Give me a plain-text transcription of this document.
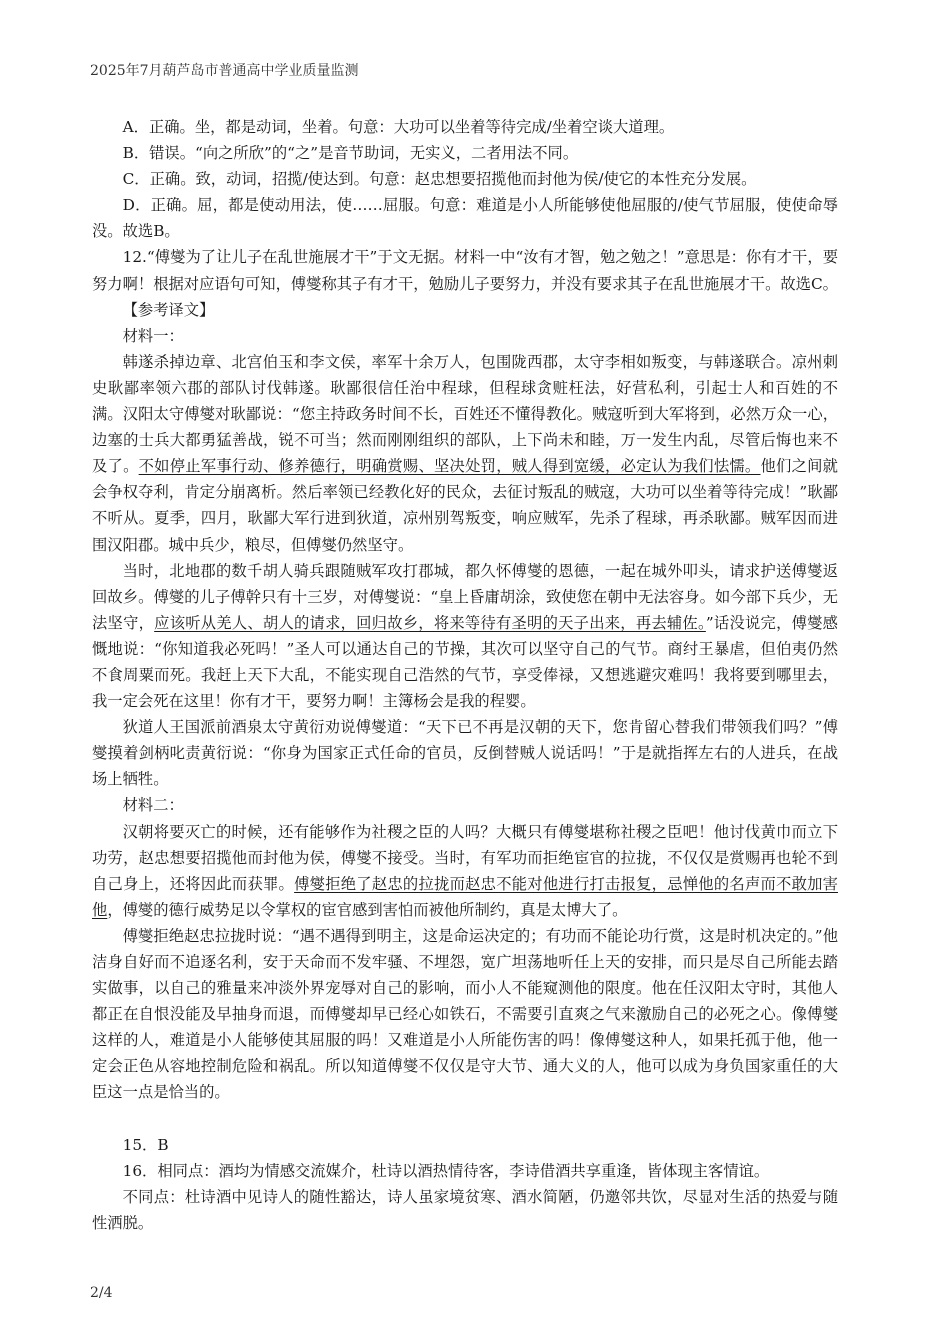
2025年7月葫芦岛市普通高中学业质量监测

A．正确。坐，都是动词，坐着。句意：大功可以坐着等待完成/坐着空谈大道理。

B．错误。“向之所欣”的“之”是音节助词，无实义，二者用法不同。

C．正确。致，动词，招揽/使达到。句意：赵忠想要招揽他而封他为侯/使它的本性充分发展。

D．正确。屈，都是使动用法，使……屈服。句意：难道是小人所能够使他屈服的/使气节屈服，使使命辱没。故选B。

12.“傅燮为了让儿子在乱世施展才干”于文无据。材料一中“汝有才智，勉之勉之！”意思是：你有才干，要努力啊！根据对应语句可知，傅燮称其子有才干，勉励儿子要努力，并没有要求其子在乱世施展才干。故选C。

【参考译文】

材料一：

韩遂杀掉边章、北宫伯玉和李文侯，率军十余万人，包围陇西郡，太守李相如叛变，与韩遂联合。凉州刺史耿鄙率领六郡的部队讨伐韩遂。耿鄙很信任治中程球，但程球贪赃枉法，好营私利，引起士人和百姓的不满。汉阳太守傅燮对耿鄙说：“您主持政务时间不长，百姓还不懂得教化。贼寇听到大军将到，必然万众一心，边塞的士兵大都勇猛善战，锐不可当；然而刚刚组织的部队，上下尚未和睦，万一发生内乱，尽管后悔也来不及了。不如停止军事行动、修养德行，明确赏赐、坚决处罚，贼人得到宽缓，必定认为我们怯懦。他们之间就会争权夺利，肯定分崩离析。然后率领已经教化好的民众，去征讨叛乱的贼寇，大功可以坐着等待完成！”耿鄙不听从。夏季，四月，耿鄙大军行进到狄道，凉州别驾叛变，响应贼军，先杀了程球，再杀耿鄙。贼军因而进围汉阳郡。城中兵少，粮尽，但傅燮仍然坚守。

当时，北地郡的数千胡人骑兵跟随贼军攻打郡城，都久怀傅燮的恩德，一起在城外叩头，请求护送傅燮返回故乡。傅燮的儿子傅幹只有十三岁，对傅燮说：“皇上昏庸胡涂，致使您在朝中无法容身。如今部下兵少，无法坚守，应该听从羌人、胡人的请求，回归故乡，将来等待有圣明的天子出来，再去辅佐。”话没说完，傅燮感慨地说：“你知道我必死吗！”圣人可以通达自己的节操，其次可以坚守自己的气节。商纣王暴虐，但伯夷仍然不食周粟而死。我赶上天下大乱，不能实现自己浩然的气节，享受俸禄，又想逃避灾难吗！我将要到哪里去，我一定会死在这里！你有才干，要努力啊！主簿杨会是我的程婴。

狄道人王国派前酒泉太守黄衍劝说傅燮道：“天下已不再是汉朝的天下，您肯留心替我们带领我们吗？”傅燮摸着剑柄叱责黄衍说：“你身为国家正式任命的官员，反倒替贼人说话吗！”于是就指挥左右的人进兵，在战场上牺牲。

材料二：

汉朝将要灭亡的时候，还有能够作为社稷之臣的人吗？大概只有傅燮堪称社稷之臣吧！他讨伐黄巾而立下功劳，赵忠想要招揽他而封他为侯，傅燮不接受。当时，有军功而拒绝宦官的拉拢，不仅仅是赏赐再也轮不到自己身上，还将因此而获罪。傅燮拒绝了赵忠的拉拢而赵忠不能对他进行打击报复，忌惮他的名声而不敢加害他，傅燮的德行威势足以令掌权的宦官感到害怕而被他所制约，真是太博大了。

傅燮拒绝赵忠拉拢时说：“遇不遇得到明主，这是命运决定的；有功而不能论功行赏，这是时机决定的。”他洁身自好而不追逐名利，安于天命而不发牢骚、不埋怨，宽广坦荡地听任上天的安排，而只是尽自己所能去踏实做事，以自己的雅量来冲淡外界宠辱对自己的影响，而小人不能窥测他的限度。他在任汉阳太守时，其他人都正在自恨没能及早抽身而退，而傅燮却早已经心如铁石，不需要引直爽之气来激励自己的必死之心。像傅燮这样的人，难道是小人能够使其屈服的吗！又难道是小人所能伤害的吗！像傅燮这种人，如果托孤于他，他一定会正色从容地控制危险和祸乱。所以知道傅燮不仅仅是守大节、通大义的人，他可以成为身负国家重任的大臣这一点是恰当的。

15．B

16．相同点：酒均为情感交流媒介，杜诗以酒热情待客，李诗借酒共享重逢，皆体现主客情谊。

不同点：杜诗酒中见诗人的随性豁达，诗人虽家境贫寒、酒水简陋，仍邀邻共饮，尽显对生活的热爱与随性洒脱。

2/4
